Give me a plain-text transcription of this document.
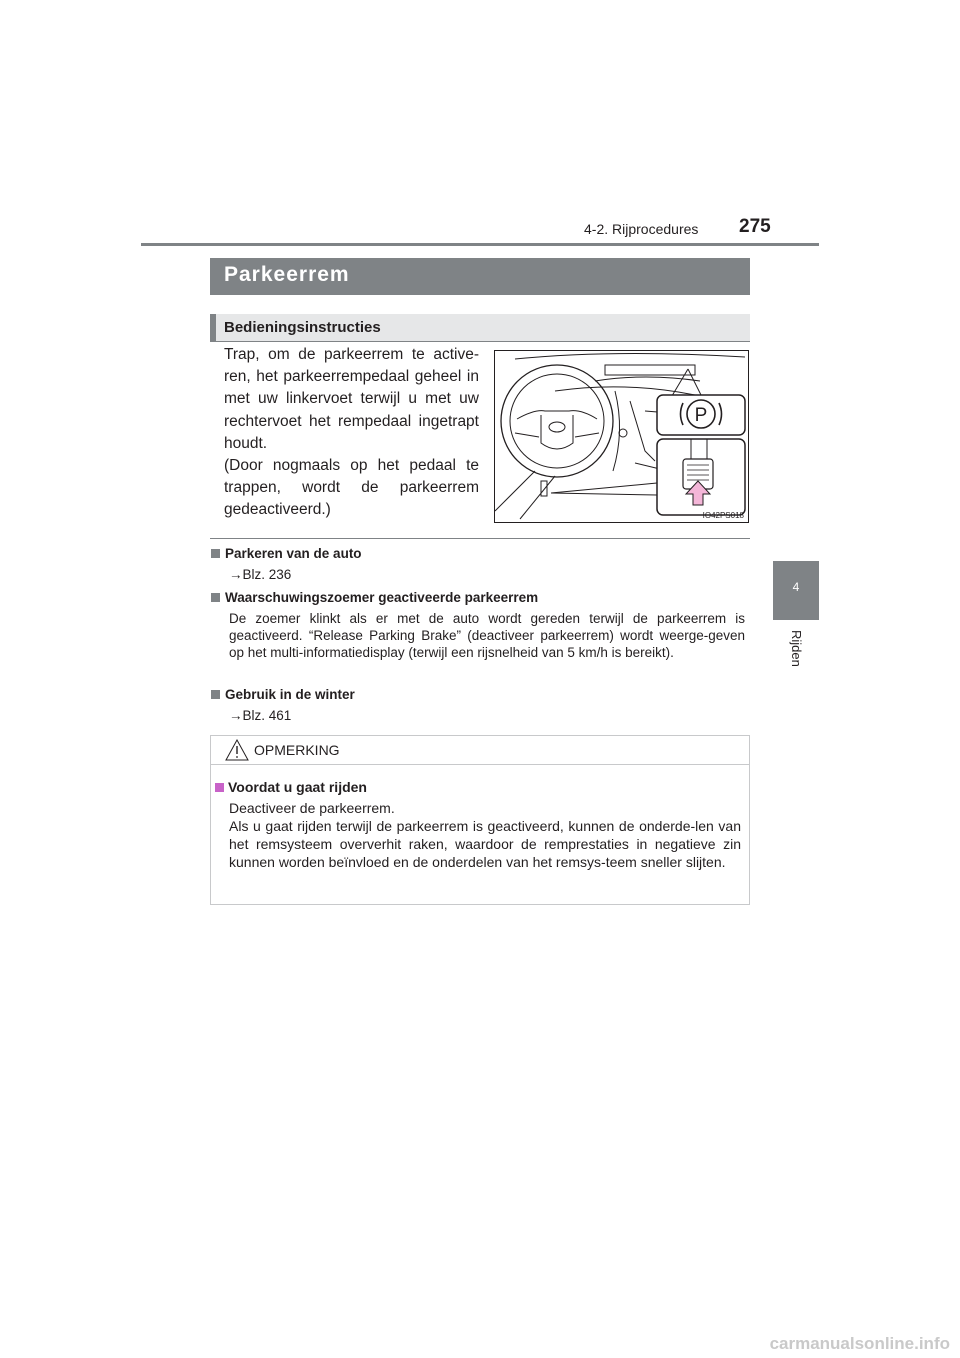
4-2. Rijprocedures 275
4
Rijden
Parkeerrem
Bedieningsinstructies

Trap, om de parkeerrem te active-ren, het parkeerrempedaal geheel in met uw linkervoet terwijl u met uw rechtervoet het rempedaal ingetrapt houdt.

(Door nogmaals op het pedaal te trappen, wordt de parkeerrem gedeactiveerd.)

P
IO42PS018
Parkeren van de auto

→Blz. 236

Waarschuwingszoemer geactiveerde parkeerrem

De zoemer klinkt als er met de auto wordt gereden terwijl de parkeerrem is geactiveerd. “Release Parking Brake” (deactiveer parkeerrem) wordt weerge-geven op het multi-informatiedisplay (terwijl een rijsnelheid van 5 km/h is bereikt).

Gebruik in de winter

→Blz. 461

OPMERKING
Voordat u gaat rijden

Deactiveer de parkeerrem.

Als u gaat rijden terwijl de parkeerrem is geactiveerd, kunnen de onderde-len van het remsysteem oververhit raken, waardoor de remprestaties in negatieve zin kunnen worden beïnvloed en de onderdelen van het remsys-teem sneller slijten.

carmanualsonline.info
